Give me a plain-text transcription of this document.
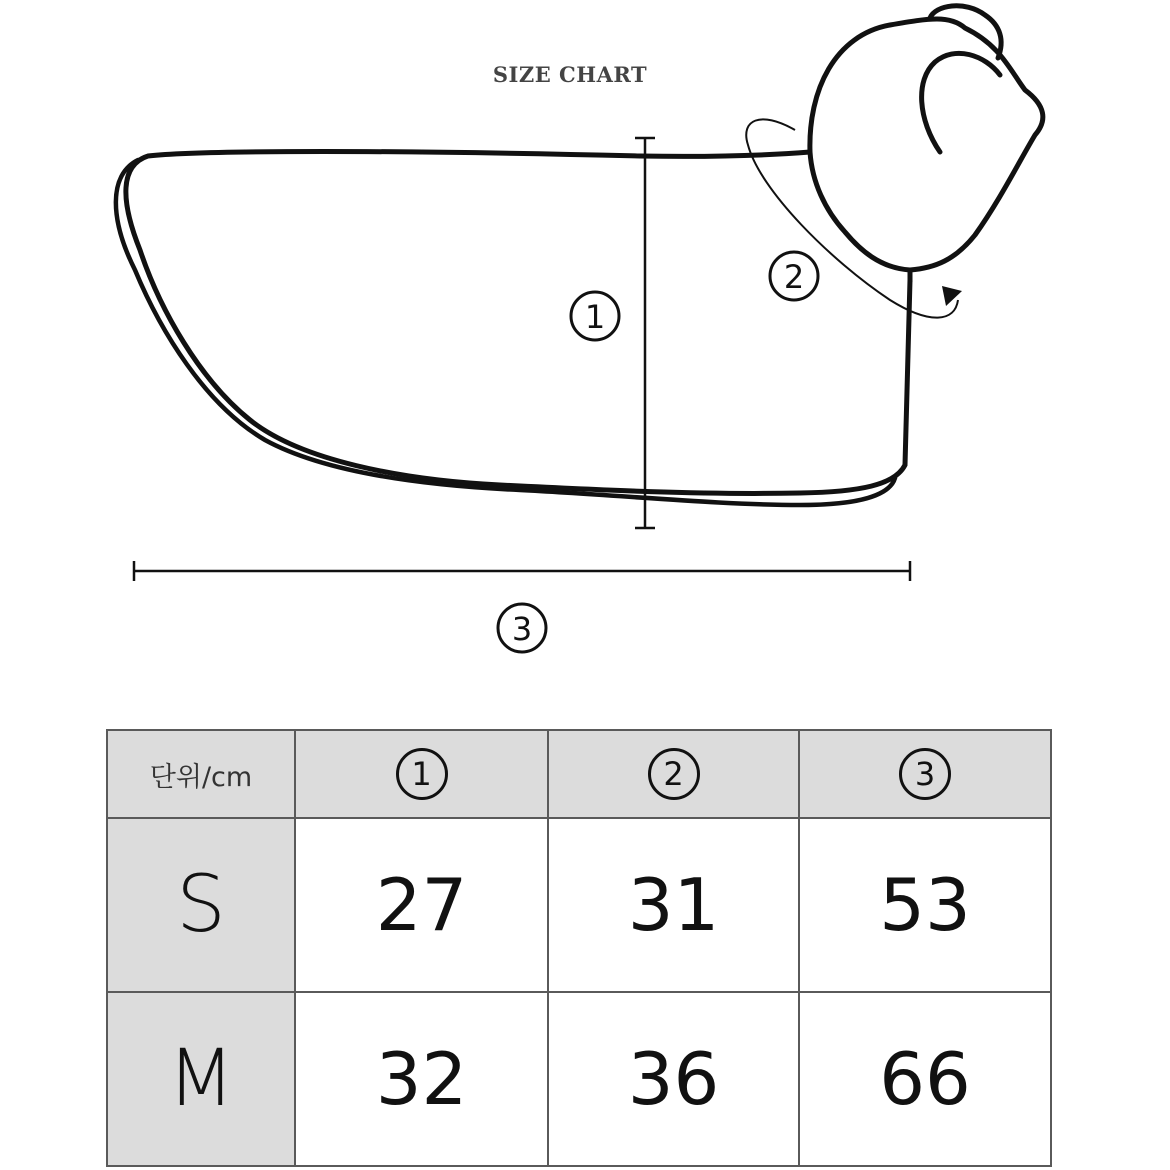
SIZE CHART
1
2
3
단위/cm	1	2	3
S	27	31	53
M	32	36	66
